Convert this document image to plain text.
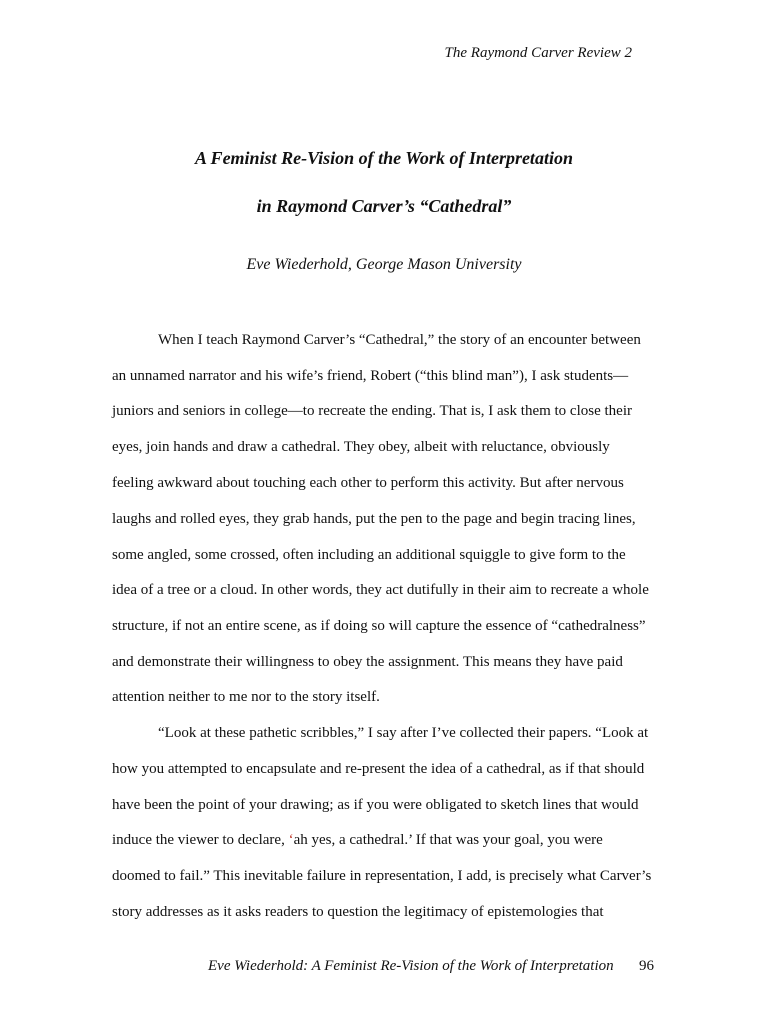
The Raymond Carver Review 2
A Feminist Re-Vision of the Work of Interpretation
in Raymond Carver’s “Cathedral”
Eve Wiederhold, George Mason University
When I teach Raymond Carver’s “Cathedral,” the story of an encounter between
an unnamed narrator and his wife’s friend, Robert (“this blind man”), I ask students—
juniors and seniors in college—to recreate the ending. That is, I ask them to close their
eyes, join hands and draw a cathedral. They obey, albeit with reluctance, obviously
feeling awkward about touching each other to perform this activity. But after nervous
laughs and rolled eyes, they grab hands, put the pen to the page and begin tracing lines,
some angled, some crossed, often including an additional squiggle to give form to the
idea of a tree or a cloud. In other words, they act dutifully in their aim to recreate a whole
structure, if not an entire scene, as if doing so will capture the essence of “cathedralness”
and demonstrate their willingness to obey the assignment. This means they have paid
attention neither to me nor to the story itself.
“Look at these pathetic scribbles,” I say after I’ve collected their papers. “Look at
how you attempted to encapsulate and re-present the idea of a cathedral, as if that should
have been the point of your drawing; as if you were obligated to sketch lines that would
induce the viewer to declare, ‘ah yes, a cathedral.’ If that was your goal, you were
doomed to fail.” This inevitable failure in representation, I add, is precisely what Carver’s
story addresses as it asks readers to question the legitimacy of epistemologies that
Eve Wiederhold: A Feminist Re-Vision of the Work of Interpretation 96
